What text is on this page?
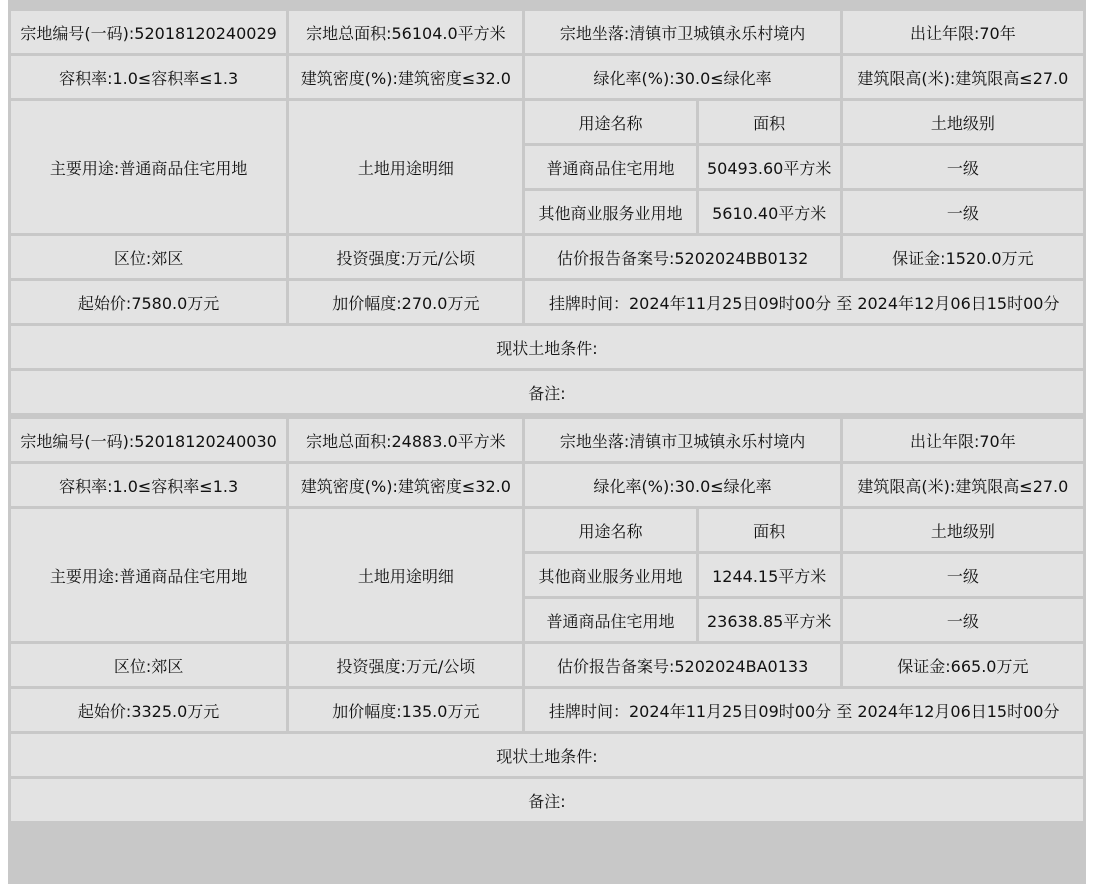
宗地编号(一码):52018120240029	宗地总面积:56104.0平方米	宗地坐落:清镇市卫城镇永乐村境内		出让年限:70年
容积率:1.0≤容积率≤1.3	建筑密度(%):建筑密度≤32.0	绿化率(%):30.0≤绿化率		建筑限高(米):建筑限高≤27.0
主要用途:普通商品住宅用地	土地用途明细	用途名称	面积	土地级别
		普通商品住宅用地	50493.60平方米	一级
		其他商业服务业用地	5610.40平方米	一级
区位:郊区	投资强度:万元/公顷	估价报告备案号:5202024BB0132		保证金:1520.0万元
起始价:7580.0万元	加价幅度:270.0万元	挂牌时间：2024年11月25日09时00分 至 2024年12月06日15时00分		
现状土地条件:				
备注:				
宗地编号(一码):52018120240030	宗地总面积:24883.0平方米	宗地坐落:清镇市卫城镇永乐村境内		出让年限:70年
容积率:1.0≤容积率≤1.3	建筑密度(%):建筑密度≤32.0	绿化率(%):30.0≤绿化率		建筑限高(米):建筑限高≤27.0
主要用途:普通商品住宅用地	土地用途明细	用途名称	面积	土地级别
		其他商业服务业用地	1244.15平方米	一级
		普通商品住宅用地	23638.85平方米	一级
区位:郊区	投资强度:万元/公顷	估价报告备案号:5202024BA0133		保证金:665.0万元
起始价:3325.0万元	加价幅度:135.0万元	挂牌时间：2024年11月25日09时00分 至 2024年12月06日15时00分		
现状土地条件:				
备注:				
